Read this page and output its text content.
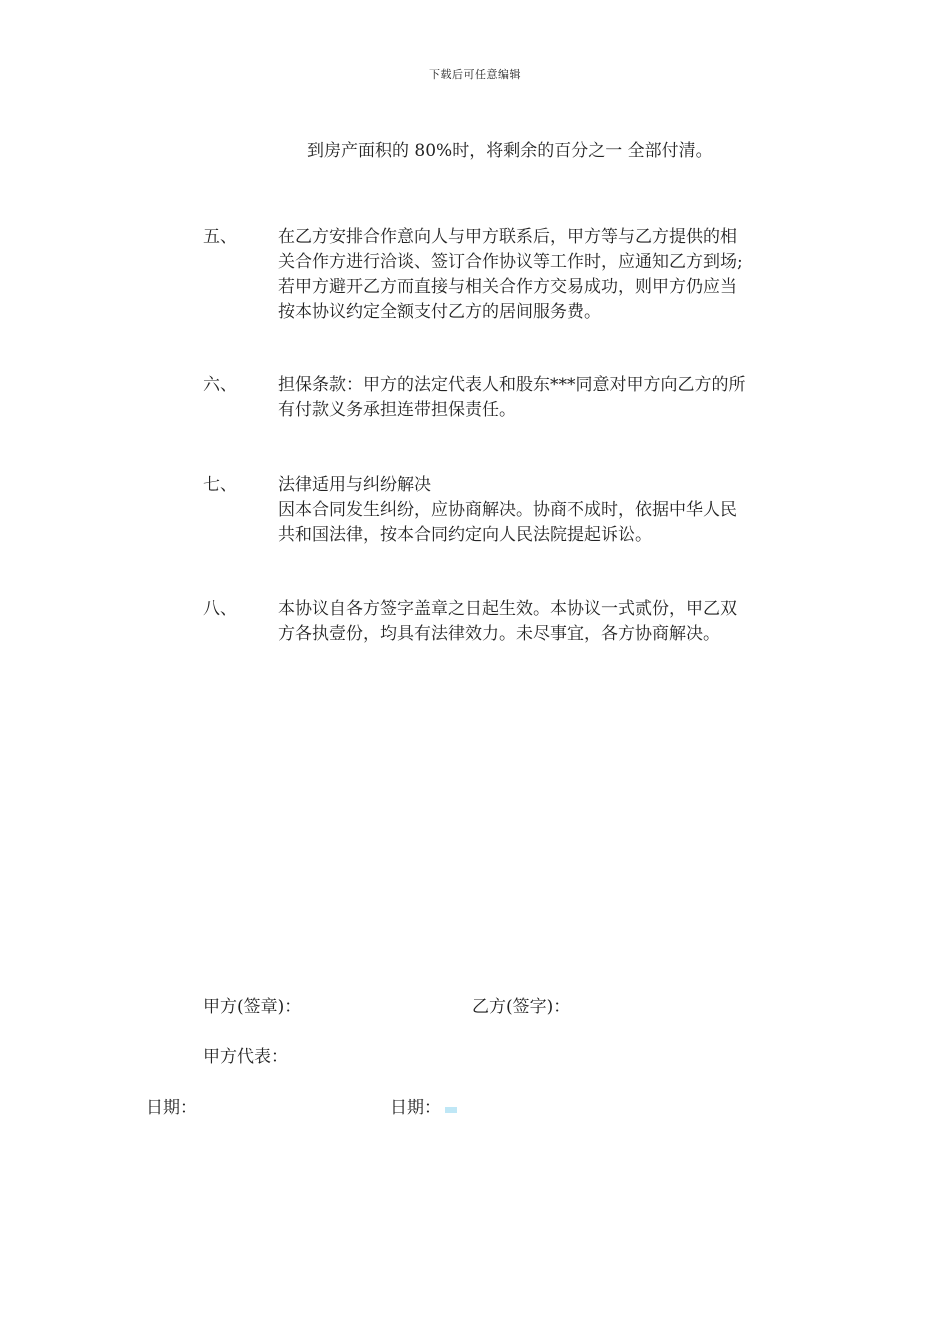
下载后可任意编辑
到房产面积的 80%时，将剩余的百分之一 全部付清。
五、 在乙方安排合作意向人与甲方联系后，甲方等与乙方提供的相
关合作方进行洽谈、签订合作协议等工作时，应通知乙方到场;
若甲方避开乙方而直接与相关合作方交易成功，则甲方仍应当
按本协议约定全额支付乙方的居间服务费。
六、 担保条款：甲方的法定代表人和股东***同意对甲方向乙方的所
有付款义务承担连带担保责任。
七、 法律适用与纠纷解决
因本合同发生纠纷，应协商解决。协商不成时，依据中华人民
共和国法律，按本合同约定向人民法院提起诉讼。
八、 本协议自各方签字盖章之日起生效。本协议一式贰份，甲乙双
方各执壹份，均具有法律效力。未尽事宜，各方协商解决。
甲方(签章)：	乙方(签字)：
甲方代表：
日期：	日期：
